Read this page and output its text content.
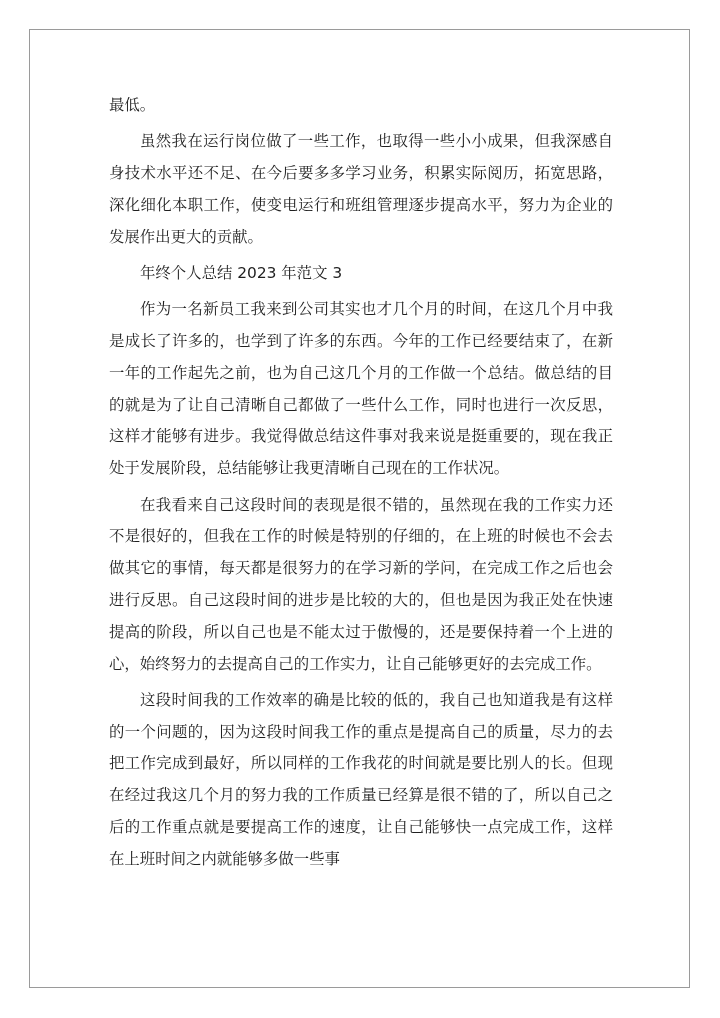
最低。

虽然我在运行岗位做了一些工作，也取得一些小小成果，但我深感自身技术水平还不足、在今后要多多学习业务，积累实际阅历，拓宽思路，深化细化本职工作，使变电运行和班组管理逐步提高水平，努力为企业的发展作出更大的贡献。

年终个人总结 2023 年范文 3

作为一名新员工我来到公司其实也才几个月的时间，在这几个月中我是成长了许多的，也学到了许多的东西。今年的工作已经要结束了，在新一年的工作起先之前，也为自己这几个月的工作做一个总结。做总结的目的就是为了让自己清晰自己都做了一些什么工作，同时也进行一次反思，这样才能够有进步。我觉得做总结这件事对我来说是挺重要的，现在我正处于发展阶段，总结能够让我更清晰自己现在的工作状况。

在我看来自己这段时间的表现是很不错的，虽然现在我的工作实力还不是很好的，但我在工作的时候是特别的仔细的，在上班的时候也不会去做其它的事情，每天都是很努力的在学习新的学问，在完成工作之后也会进行反思。自己这段时间的进步是比较的大的，但也是因为我正处在快速提高的阶段，所以自己也是不能太过于傲慢的，还是要保持着一个上进的心，始终努力的去提高自己的工作实力，让自己能够更好的去完成工作。

这段时间我的工作效率的确是比较的低的，我自己也知道我是有这样的一个问题的，因为这段时间我工作的重点是提高自己的质量，尽力的去把工作完成到最好，所以同样的工作我花的时间就是要比别人的长。但现在经过我这几个月的努力我的工作质量已经算是很不错的了，所以自己之后的工作重点就是要提高工作的速度，让自己能够快一点完成工作，这样在上班时间之内就能够多做一些事
